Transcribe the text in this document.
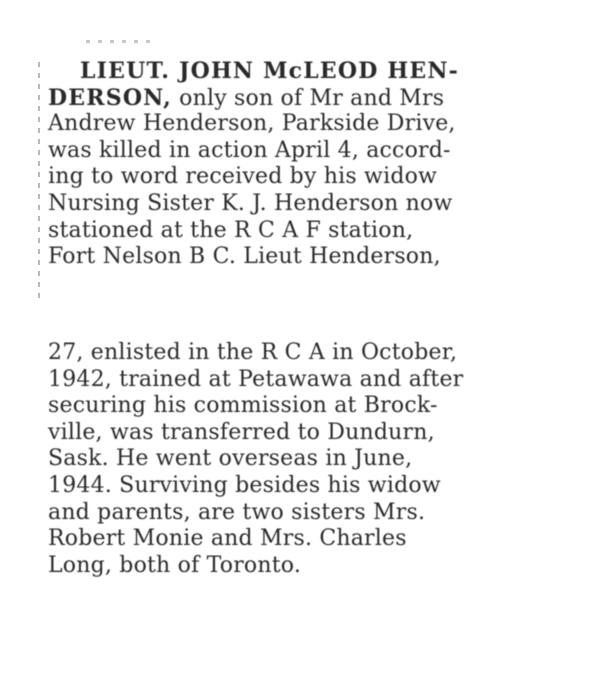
LIEUT. JOHN McLEOD HEN-
DERSON, only son of Mr and Mrs
Andrew Henderson, Parkside Drive,
was killed in action April 4, accord-
ing to word received by his widow
Nursing Sister K. J. Henderson now
stationed at the R C A F station,
Fort Nelson B C. Lieut Henderson,
27, enlisted in the R C A in October,
1942, trained at Petawawa and after
securing his commission at Brock-
ville, was transferred to Dundurn,
Sask. He went overseas in June,
1944. Surviving besides his widow
and parents, are two sisters Mrs.
Robert Monie and Mrs. Charles
Long, both of Toronto.
